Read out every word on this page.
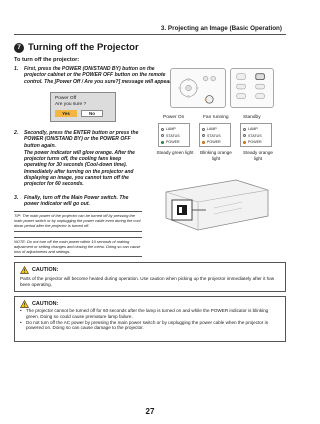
3. Projecting an Image (Basic Operation)
7 Turning off the Projector
To turn off the projector:
1. First, press the POWER (ON/STAND BY) button on the projector cabinet or the POWER OFF button on the remote control. The [Power Off / Are you sure?] message will appear.
Power Off
Are you sure ?
Yes	No
2. Secondly, press the ENTER button or press the POWER (ON/STAND BY) or the POWER OFF button again.
The power indicator will glow orange. After the projector turns off, the cooling fans keep operating for 30 seconds (Cool-down time).
Immediately after turning on the projector and displaying an image, you cannot turn off the projector for 60 seconds.
Power On	Fan running	Standby
LAMP
STATUS
POWER
LAMP
STATUS
POWER
LAMP
STATUS
POWER
Steady green light Blinking orange light
Steady orange light
3. Finally, turn off the Main Power switch. The power indicator will go out.
TIP: The main power of the projector can be turned off by pressing the main power switch or by unplugging the power cable even during the cool down period after the projector is turned off.
NOTE: Do not turn off the main power within 10 seconds of making adjustment or setting changes and closing the menu. Doing so can cause loss of adjustments and settings.
CAUTION:
Parts of the projector will become heated during operation. Use caution when picking up the projector immediately after it has been operating.
CAUTION:
• The projector cannot be turned off for 60 seconds after the lamp is turned on and while the POWER indicator is blinking green. Doing so could cause premature lamp failure.
• Do not turn off the AC power by pressing the main power switch or by unplugging the power cable when the projector is powered on. Doing so can cause damage to the projector.
27
